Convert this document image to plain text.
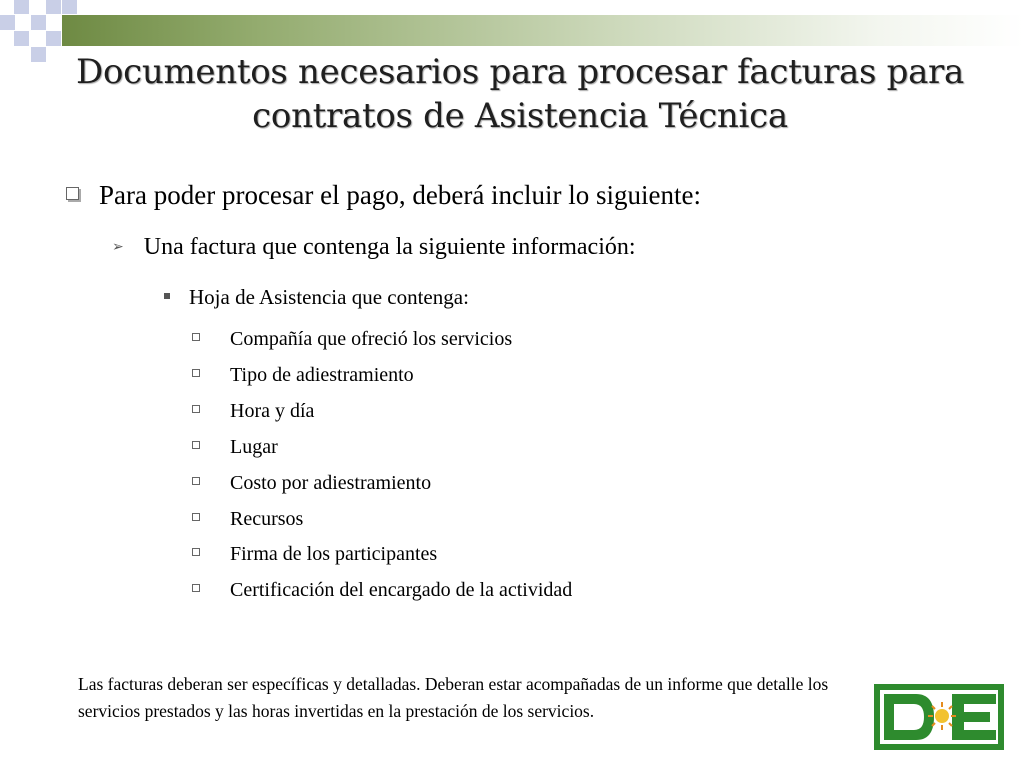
Documentos necesarios para procesar facturas para contratos de Asistencia Técnica
Para poder procesar el pago, deberá incluir lo siguiente:
➢ Una factura que contenga la siguiente información:
Hoja de Asistencia que contenga:
Compañía que ofreció los servicios
Tipo de adiestramiento
Hora y día
Lugar
Costo por adiestramiento
Recursos
Firma de los participantes
Certificación del encargado de la actividad
Las facturas deberan ser específicas y detalladas. Deberan estar acompañadas de un informe que detalle los servicios prestados y las horas invertidas en la prestación de los servicios.
